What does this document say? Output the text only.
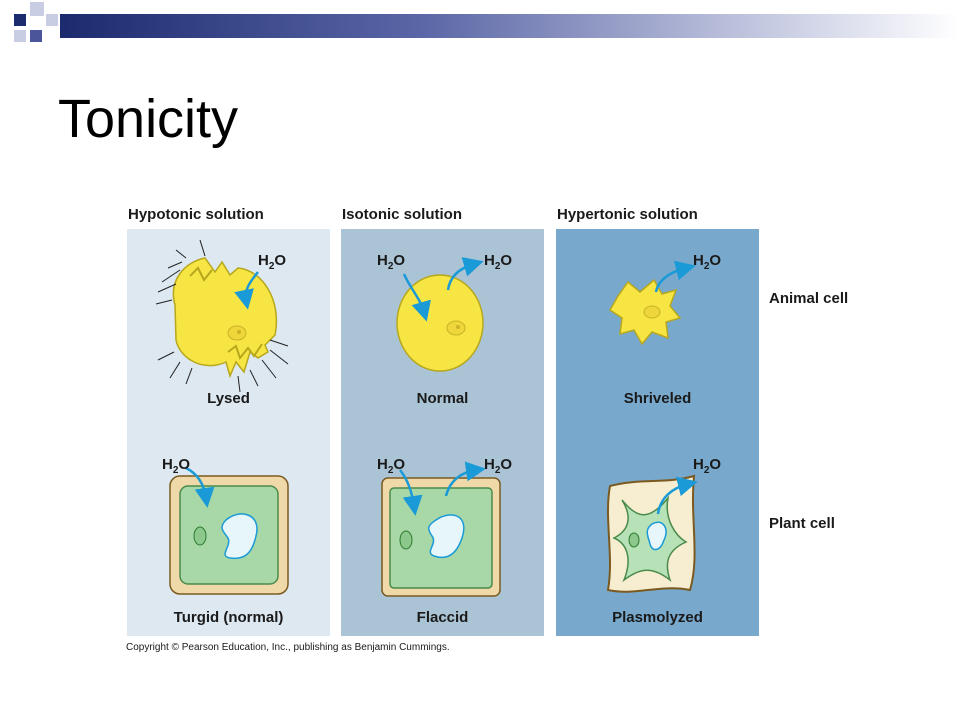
Tonicity
Hypotonic solution	Isotonic solution	Hypertonic solution
$H_2O$	$H_2O$	$H_2O$	$H_2O$
$H_2O$	$H_2O$	$H_2O$	$H_2O$
Lysed	Normal	Shriveled
Turgid (normal)	Flaccid	Plasmolyzed
Animal cell
Plant cell
Copyright © Pearson Education, Inc., publishing as Benjamin Cummings.
